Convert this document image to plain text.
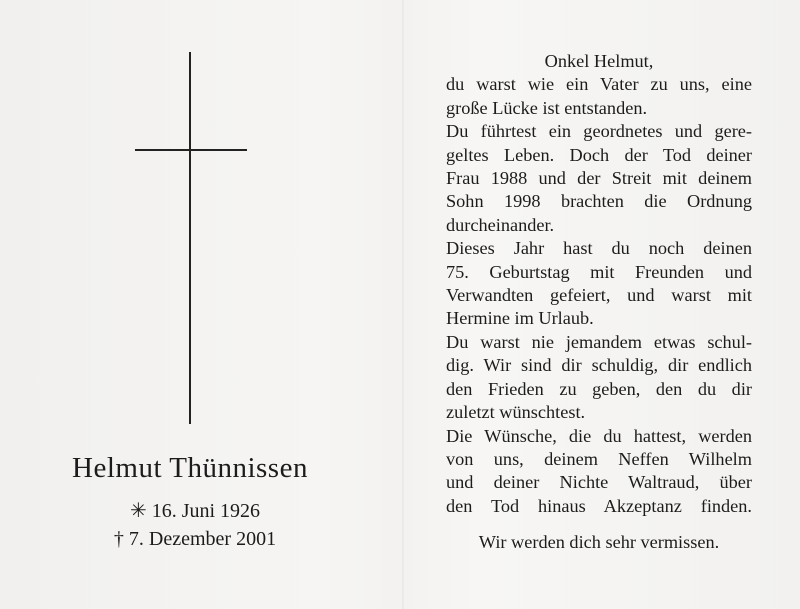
Helmut Thünnissen
✳ 16. Juni 1926
† 7. Dezember 2001
Onkel Helmut,
du warst wie ein Vater zu uns, eine
große Lücke ist entstanden.
Du führtest ein geordnetes und gere-
geltes Leben. Doch der Tod deiner
Frau 1988 und der Streit mit deinem
Sohn 1998 brachten die Ordnung
durcheinander.
Dieses Jahr hast du noch deinen
75. Geburtstag mit Freunden und
Verwandten gefeiert, und warst mit
Hermine im Urlaub.
Du warst nie jemandem etwas schul-
dig. Wir sind dir schuldig, dir endlich
den Frieden zu geben, den du dir
zuletzt wünschtest.
Die Wünsche, die du hattest, werden
von uns, deinem Neffen Wilhelm
und deiner Nichte Waltraud, über
den Tod hinaus Akzeptanz finden.
Wir werden dich sehr vermissen.
